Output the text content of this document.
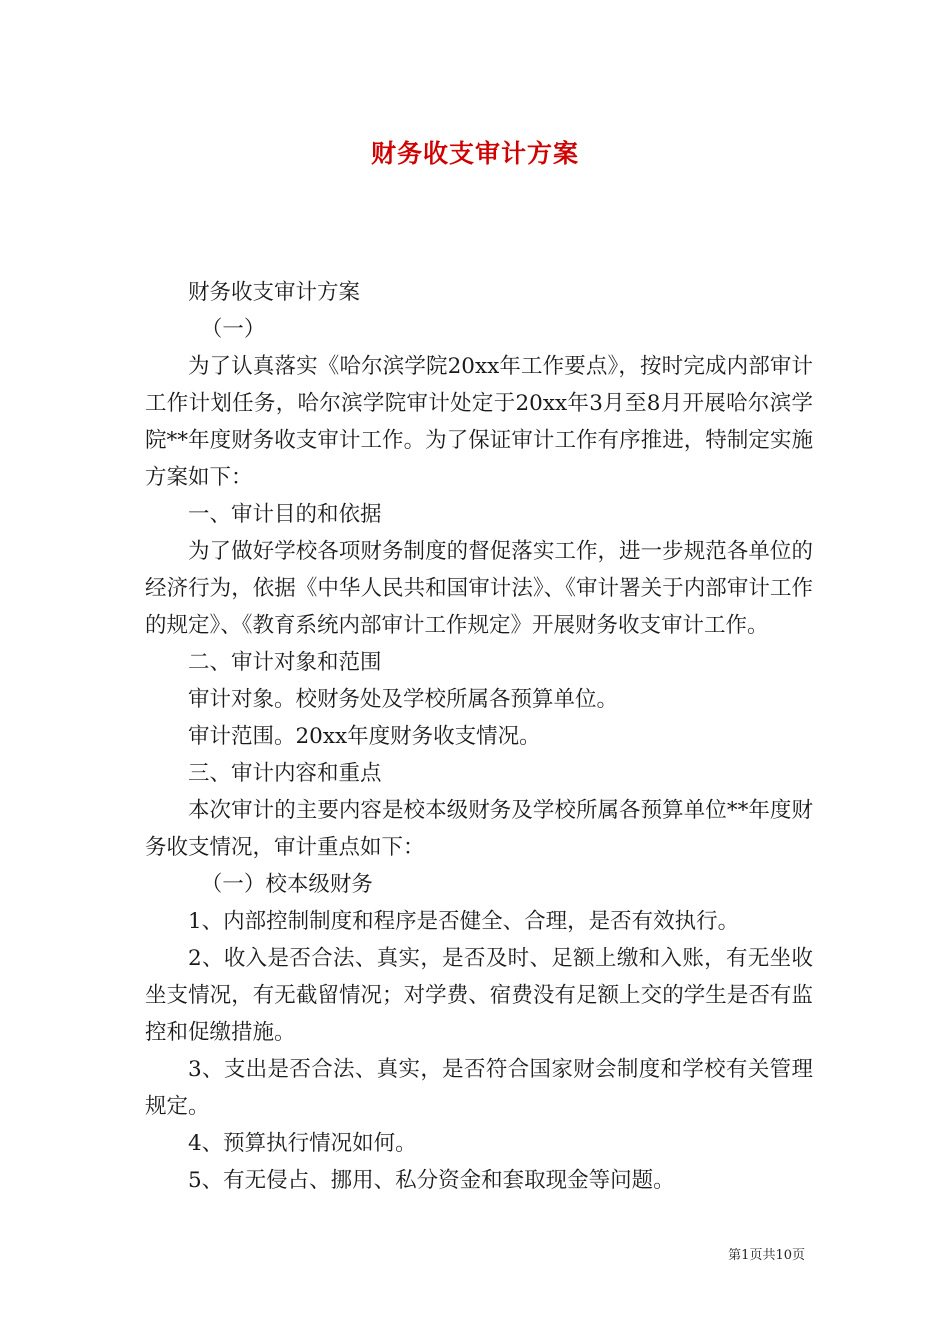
财务收支审计方案

财务收支审计方案

（一）

为了认真落实《哈尔滨学院20xx年工作要点》，按时完成内部审计工作计划任务，哈尔滨学院审计处定于20xx年3月至8月开展哈尔滨学院**年度财务收支审计工作。为了保证审计工作有序推进，特制定实施方案如下：

一、审计目的和依据

为了做好学校各项财务制度的督促落实工作，进一步规范各单位的经济行为，依据《中华人民共和国审计法》、《审计署关于内部审计工作的规定》、《教育系统内部审计工作规定》开展财务收支审计工作。

二、审计对象和范围

审计对象。校财务处及学校所属各预算单位。

审计范围。20xx年度财务收支情况。

三、审计内容和重点

本次审计的主要内容是校本级财务及学校所属各预算单位**年度财务收支情况，审计重点如下：

（一）校本级财务

1、内部控制制度和程序是否健全、合理，是否有效执行。

2、收入是否合法、真实，是否及时、足额上缴和入账，有无坐收坐支情况，有无截留情况；对学费、宿费没有足额上交的学生是否有监控和促缴措施。

3、支出是否合法、真实，是否符合国家财会制度和学校有关管理规定。

4、预算执行情况如何。

5、有无侵占、挪用、私分资金和套取现金等问题。

第1页共10页
